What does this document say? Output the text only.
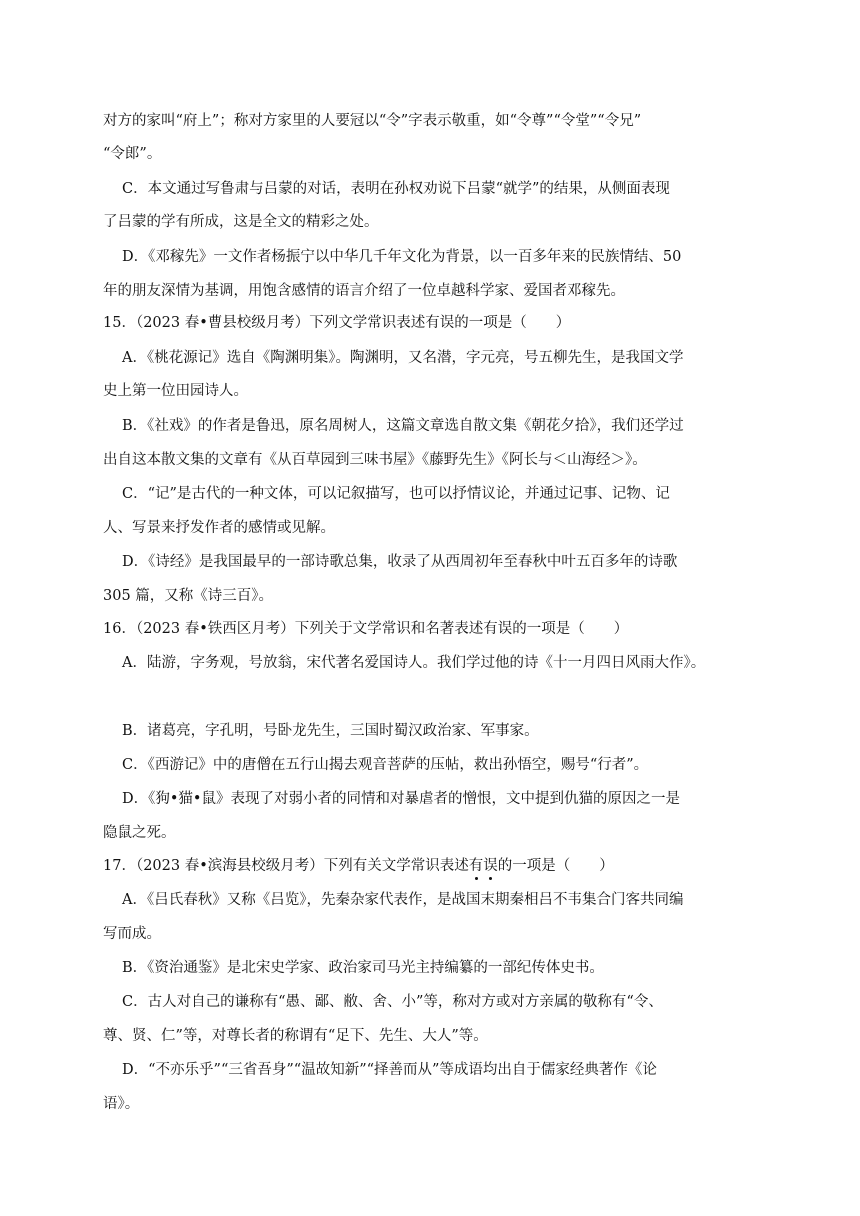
对方的家叫“府上”；称对方家里的人要冠以“令”字表示敬重，如“令尊”“令堂”“令兄”
“令郎”。
C．本文通过写鲁肃与吕蒙的对话，表明在孙权劝说下吕蒙“就学”的结果，从侧面表现
了吕蒙的学有所成，这是全文的精彩之处。
D．《邓稼先》一文作者杨振宁以中华几千年文化为背景，以一百多年来的民族情结、50
年的朋友深情为基调，用饱含感情的语言介绍了一位卓越科学家、爱国者邓稼先。
15．（2023 春•曹县校级月考）下列文学常识表述有误的一项是（　　）
A．《桃花源记》选自《陶渊明集》。陶渊明，又名潜，字元亮，号五柳先生，是我国文学
史上第一位田园诗人。
B．《社戏》的作者是鲁迅，原名周树人，这篇文章选自散文集《朝花夕拾》，我们还学过
出自这本散文集的文章有《从百草园到三味书屋》《藤野先生》《阿长与＜山海经＞》。
C．“记”是古代的一种文体，可以记叙描写，也可以抒情议论，并通过记事、记物、记
人、写景来抒发作者的感情或见解。
D．《诗经》是我国最早的一部诗歌总集，收录了从西周初年至春秋中叶五百多年的诗歌
305 篇，又称《诗三百》。
16．（2023 春•铁西区月考）下列关于文学常识和名著表述有误的一项是（　　）
A．陆游，字务观，号放翁，宋代著名爱国诗人。我们学过他的诗《十一月四日风雨大作》。
B．诸葛亮，字孔明，号卧龙先生，三国时蜀汉政治家、军事家。
C．《西游记》中的唐僧在五行山揭去观音菩萨的压帖，救出孙悟空，赐号“行者”。
D．《狗•猫•鼠》表现了对弱小者的同情和对暴虐者的憎恨，文中提到仇猫的原因之一是
隐鼠之死。
17．（2023 春•滨海县校级月考）下列有关文学常识表述有误的一项是（　　）
A．《吕氏春秋》又称《吕览》，先秦杂家代表作，是战国末期秦相吕不韦集合门客共同编
写而成。
B．《资治通鉴》是北宋史学家、政治家司马光主持编纂的一部纪传体史书。
C．古人对自己的谦称有“愚、鄙、敝、舍、小”等，称对方或对方亲属的敬称有“令、
尊、贤、仁”等，对尊长者的称谓有“足下、先生、大人”等。
D．“不亦乐乎”“三省吾身”“温故知新”“择善而从”等成语均出自于儒家经典著作《论
语》。
